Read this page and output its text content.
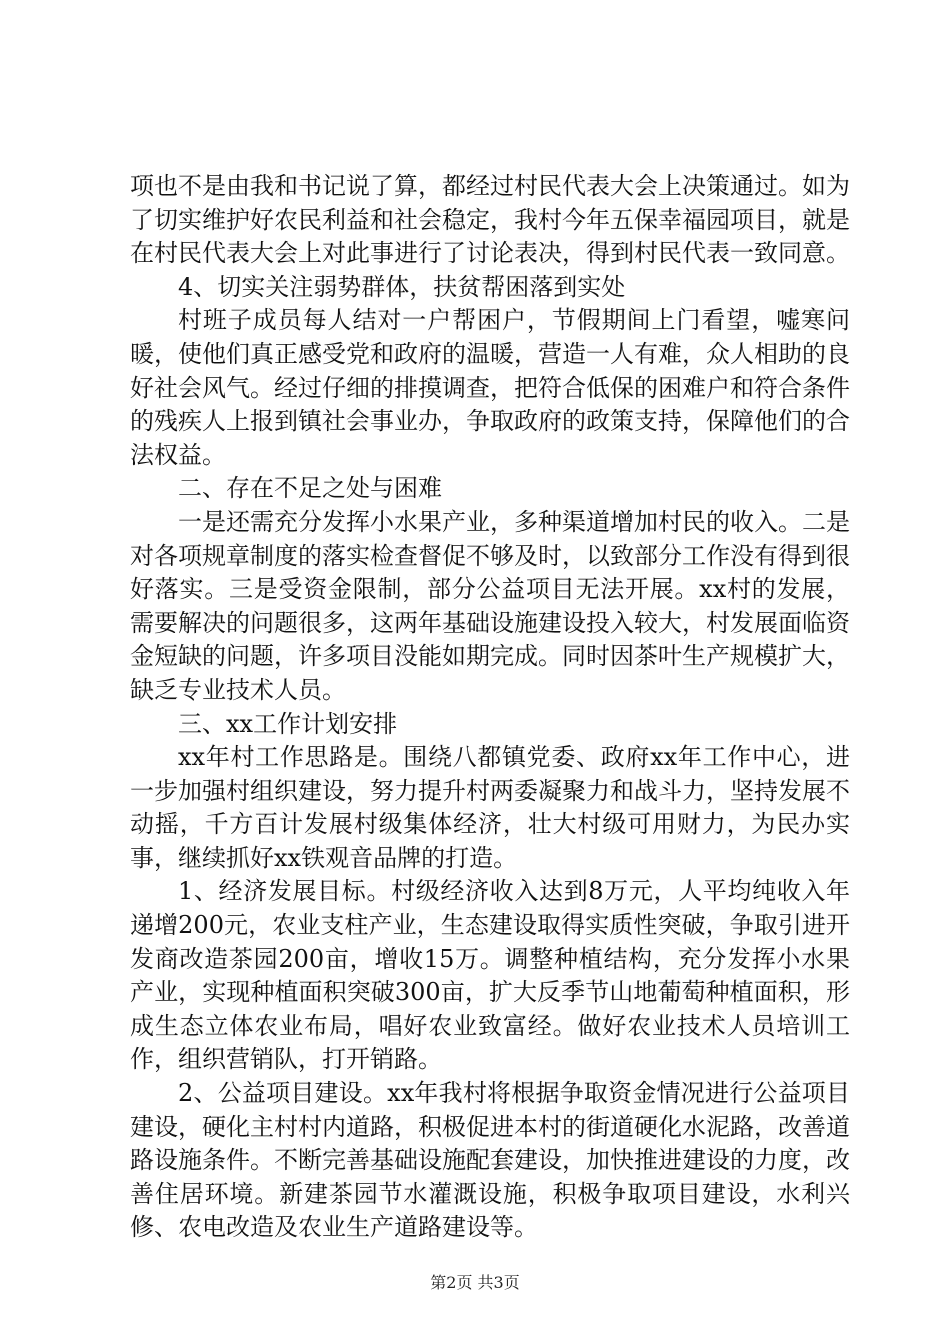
项也不是由我和书记说了算，都经过村民代表大会上决策通过。如为了切实维护好农民利益和社会稳定，我村今年五保幸福园项目，就是在村民代表大会上对此事进行了讨论表决，得到村民代表一致同意。

4、切实关注弱势群体，扶贫帮困落到实处

村班子成员每人结对一户帮困户，节假期间上门看望，嘘寒问暖，使他们真正感受党和政府的温暖，营造一人有难，众人相助的良好社会风气。经过仔细的排摸调查，把符合低保的困难户和符合条件的残疾人上报到镇社会事业办，争取政府的政策支持，保障他们的合法权益。

二、存在不足之处与困难

一是还需充分发挥小水果产业，多种渠道增加村民的收入。二是对各项规章制度的落实检查督促不够及时，以致部分工作没有得到很好落实。三是受资金限制，部分公益项目无法开展。xx村的发展，需要解决的问题很多，这两年基础设施建设投入较大，村发展面临资金短缺的问题，许多项目没能如期完成。同时因茶叶生产规模扩大，缺乏专业技术人员。

三、xx工作计划安排

xx年村工作思路是。围绕八都镇党委、政府xx年工作中心，进一步加强村组织建设，努力提升村两委凝聚力和战斗力，坚持发展不动摇，千方百计发展村级集体经济，壮大村级可用财力，为民办实事，继续抓好xx铁观音品牌的打造。

1、经济发展目标。村级经济收入达到8万元，人平均纯收入年递增200元，农业支柱产业，生态建设取得实质性突破，争取引进开发商改造茶园200亩，增收15万。调整种植结构，充分发挥小水果产业，实现种植面积突破300亩，扩大反季节山地葡萄种植面积，形成生态立体农业布局，唱好农业致富经。做好农业技术人员培训工作，组织营销队，打开销路。

2、公益项目建设。xx年我村将根据争取资金情况进行公益项目建设，硬化主村村内道路，积极促进本村的街道硬化水泥路，改善道路设施条件。不断完善基础设施配套建设，加快推进建设的力度，改善住居环境。新建茶园节水灌溉设施，积极争取项目建设，水利兴修、农电改造及农业生产道路建设等。

第2页 共3页
